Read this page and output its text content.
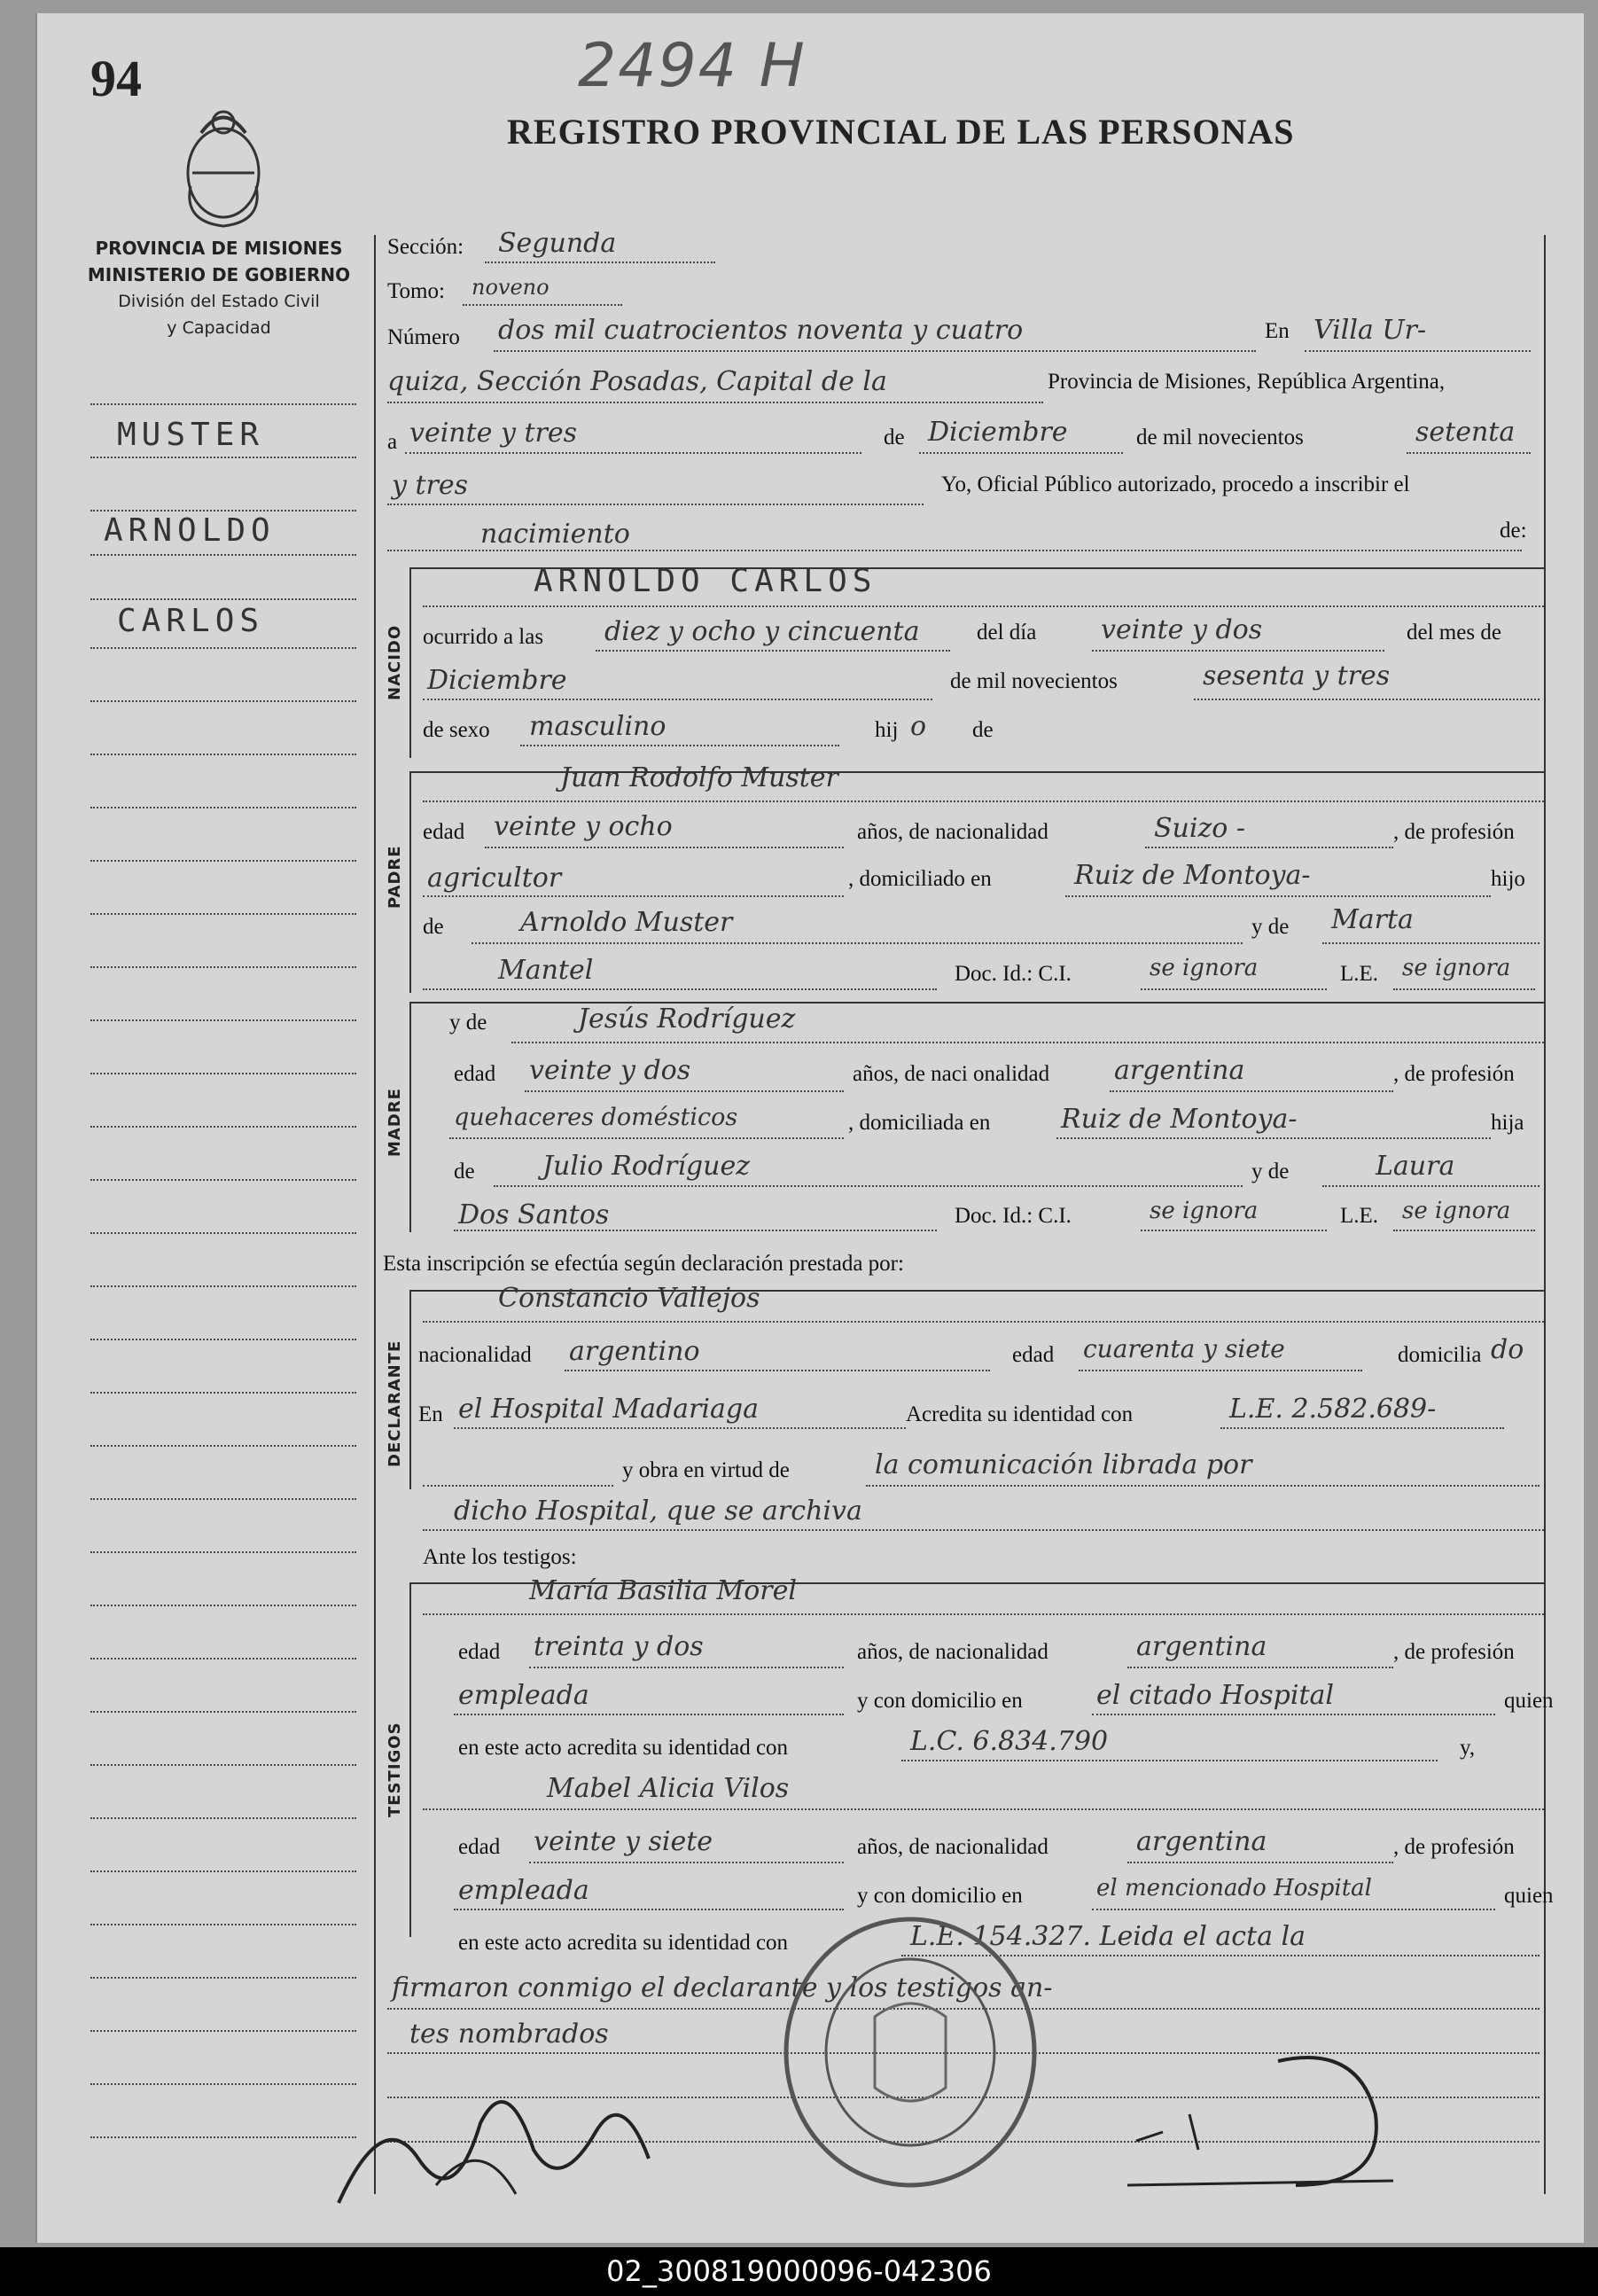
94	2494 H
REGISTRO PROVINCIAL DE LAS PERSONAS
PROVINCIA DE MISIONES
MINISTERIO DE GOBIERNO
División del Estado Civil
y Capacidad
MUSTER
ARNOLDO
CARLOS
Sección: Segunda
Tomo: noveno
Número dos mil cuatrocientos noventa y cuatro	En Villa Ur-
quiza, Sección Posadas, Capital de la	Provincia de Misiones, República Argentina,
a veinte y tres	de Diciembre	de mil novecientos	setenta
y tres	Yo, Oficial Público autorizado, procedo a inscribir el
nacimiento	de:
NACIDO
ARNOLDO CARLOS
ocurrido a las diez y ocho y cincuenta	del día veinte y dos	del mes de
Diciembre	de mil novecientos	sesenta y tres
de sexo masculino	hij o de
PADRE
Juan Rodolfo Muster
edad veinte y ocho	años, de nacionalidad	Suizo -	, de profesión
agricultor	, domiciliado en	Ruiz de Montoya-	hijo
de	Arnoldo Muster	y de Marta
Mantel	Doc. Id.: C.I.	se ignora	L.E. se ignora
MADRE
y de	Jesús Rodríguez
edad veinte y dos	años, de naci onalidad argentina	, de profesión
quehaceres domésticos	, domiciliada en	Ruiz de Montoya-	hija
de	Julio Rodríguez	y de	Laura
Dos Santos	Doc. Id.: C.I.	se ignora	L.E. se ignora
Esta inscripción se efectúa según declaración prestada por:
DECLARANTE
Constancio Vallejos
nacionalidad argentino	edad cuarenta y siete	domicilia do
En el Hospital Madariaga	Acredita su identidad con	L.E. 2.582.689-
y obra en virtud de	la comunicación librada por
dicho Hospital, que se archiva
Ante los testigos:
TESTIGOS
María Basilia Morel
edad treinta y dos	años, de nacionalidad	argentina	, de profesión
empleada	y con domicilio en	el citado Hospital	quien
en este acto acredita su identidad con	L.C. 6.834.790	y,
Mabel Alicia Vilos
edad veinte y siete	años, de nacionalidad	argentina	, de profesión
empleada	y con domicilio en	el mencionado Hospital	quien
en este acto acredita su identidad con	L.E. 154.327. Leida el acta la
firmaron conmigo el declarante y los testigos an-
tes nombrados
02_300819000096-042306
